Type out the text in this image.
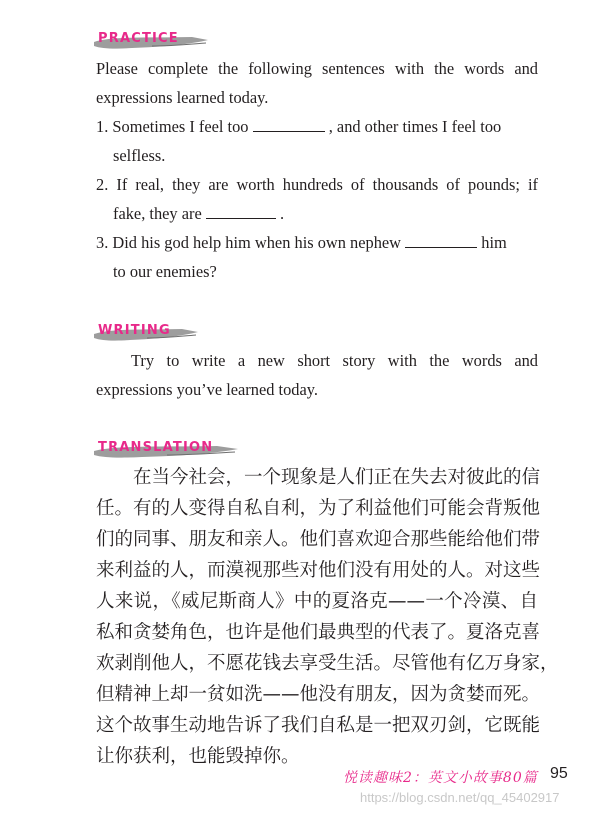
PRACTICE
Please complete the following sentences with the words and
expressions learned today.
1. Sometimes I feel too	, and other times I feel too
selfless.
2. If real, they are worth hundreds of thousands of pounds; if
fake, they are	.
3. Did his god help him when his own nephew	him
to our enemies?
WRITING
Try to write a new short story with the words and
expressions you’ve learned today.
TRANSLATION
在当今社会，一个现象是人们正在失去对彼此的信
任。有的人变得自私自利，为了利益他们可能会背叛他
们的同事、朋友和亲人。他们喜欢迎合那些能给他们带
来利益的人，而漠视那些对他们没有用处的人。对这些
人来说，《威尼斯商人》中的夏洛克——一个冷漠、自
私和贪婪角色，也许是他们最典型的代表了。夏洛克喜
欢剥削他人，不愿花钱去享受生活。尽管他有亿万身家，
但精神上却一贫如洗——他没有朋友，因为贪婪而死。
这个故事生动地告诉了我们自私是一把双刃剑，它既能
让你获利，也能毁掉你。
悦读趣味2：英文小故事80篇 95
https://blog.csdn.net/qq_45402917
